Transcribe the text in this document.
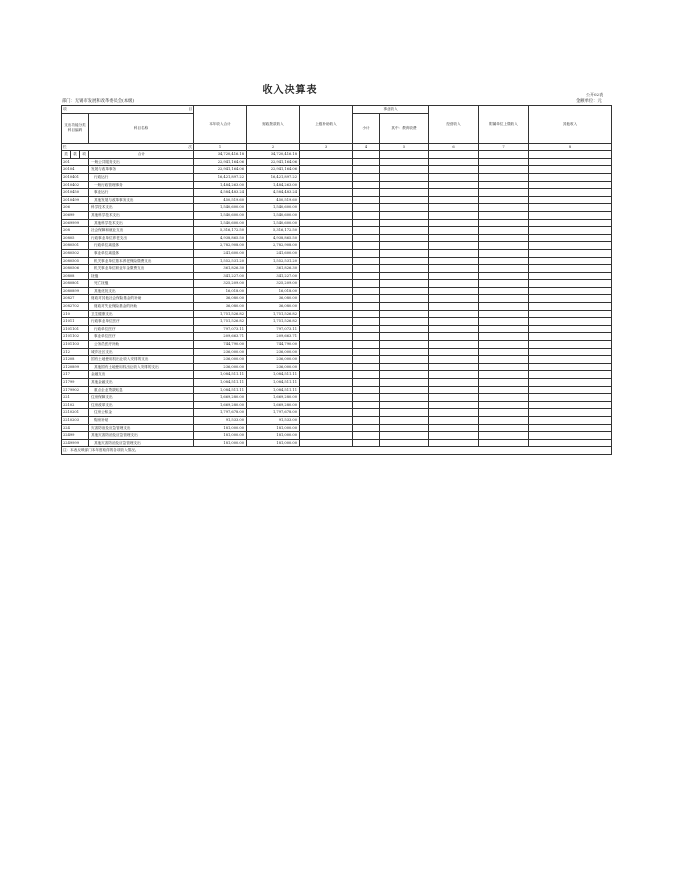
收入决算表	公开02表
部门：无锡市发展和改革委员会(本级)	金额单位：元
项			目	本年收入合计	财政拨款收入	上级补助收入	事业收入		经营收入	附属单位上缴收入	其他收入
支出功能分类科目编码			科目名称				小计	其中：教育收费			

栏			次	1	2	3	4	5	6	7	8
类	款	项	合计	34,720,416.18	34,720,416.18						
201			一般公共服务支出	22,941,164.06	22,941,164.06						
20104			发展与改革事务	22,941,164.06	22,941,164.06						
2010401			行政运行	16,421,897.22	16,421,897.22						
2010402			一般行政管理事务	1,484,263.00	1,484,263.00						
2010450			事业运行	4,584,483.24	4,584,483.24						
2010499			其他发展与改革事务支出	450,519.60	450,519.60						
206			科学技术支出	1,540,600.00	1,540,600.00						
20699			其他科学技术支出	1,540,600.00	1,540,600.00						
2069999			其他科学技术支出	1,540,600.00	1,540,600.00						
208			社会保障和就业支出	5,316,172.50	5,316,172.50						
20805			行政事业单位养老支出	4,938,865.50	4,938,865.50						
2080501			行政单位离退休	2,782,908.00	2,782,908.00						
2080502			事业单位离退休	241,600.00	241,600.00						
2080505			机关事业单位基本养老保险缴费支出	1,552,531.20	1,552,531.20						
2080506			机关事业单位职业年金缴费支出	361,826.30	361,826.30						
20808			抚恤	341,227.00	341,227.00						
2080801			死亡抚恤	325,209.00	325,209.00						
2080899			其他优抚支出	16,018.00	16,018.00						
20827			财政对其他社会保险基金的补助	36,080.00	36,080.00						
2082702			财政对失业保险基金的补助	36,080.00	36,080.00						
210			卫生健康支出	1,751,526.82	1,751,526.82						
21011			行政事业单位医疗	1,751,526.82	1,751,526.82						
2101101			行政单位医疗	797,073.11	797,073.11						
2101102			事业单位医疗	209,663.71	209,663.71						
2101103			公务员医疗补助	744,790.00	744,790.00						
212			城乡社区支出	236,000.00	236,000.00						
21208			国有土地使用权出让收入安排的支出	236,000.00	236,000.00						
2120899			其他国有土地使用权出让收入安排的支出	236,000.00	236,000.00						
217			金融支出	1,084,511.11	1,084,511.11						
21799			其他金融支出	1,084,511.11	1,084,511.11						
2179902			重点企业贷款贴息	1,084,511.11	1,084,511.11						
221			住房保障支出	1,669,280.00	1,669,280.00						
22102			住房改革支出	1,669,280.00	1,669,280.00						
2210201			住房公积金	1,797,678.00	1,797,678.00						
2210203			购房补贴	91,533.00	91,533.00						
224			灾害防治及应急管理支出	181,000.00	181,000.00						
22499			其他灾害防治及应急管理支出	181,000.00	181,000.00						
2249999			其他灾害防治及应急管理支出	181,000.00	181,000.00						
注：本表反映部门本年度取得的各项收入情况。											
